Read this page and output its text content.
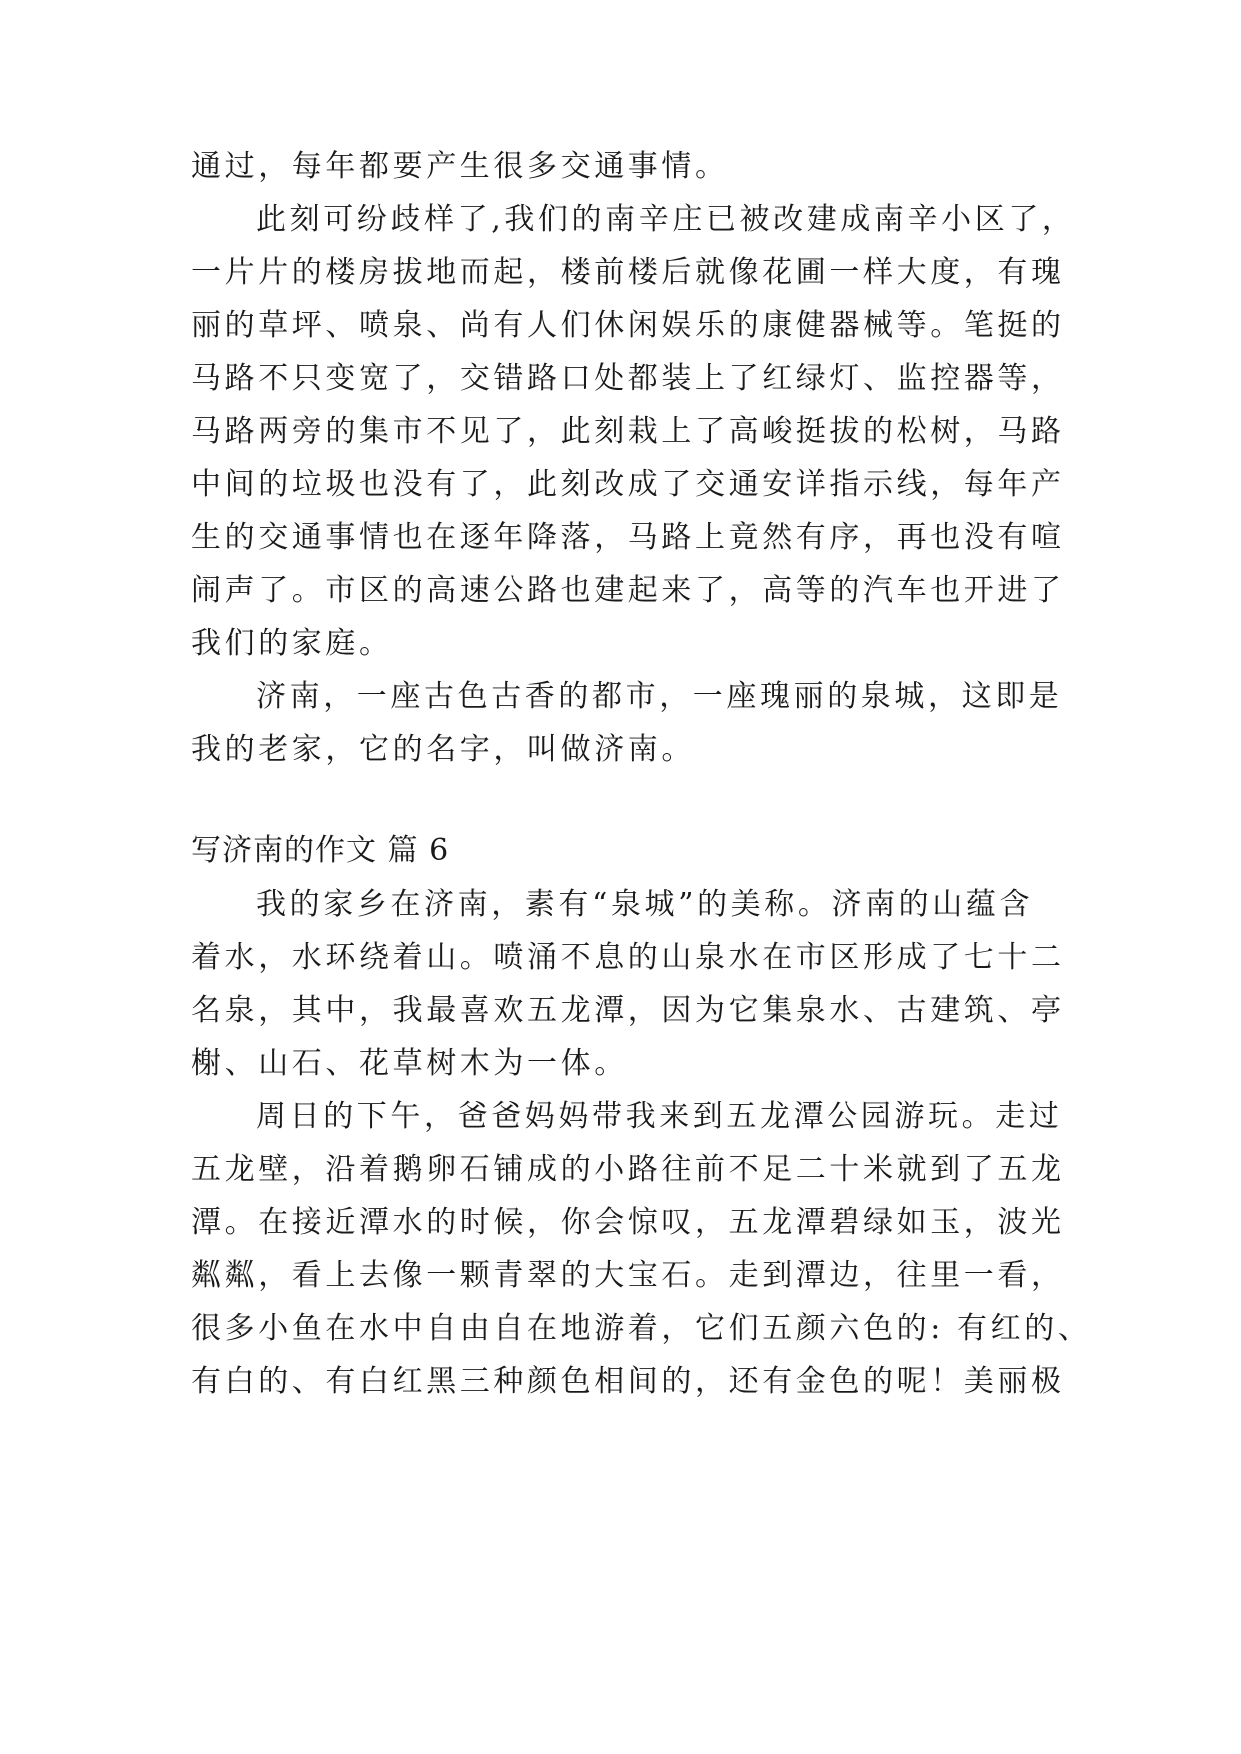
通过，每年都要产生很多交通事情。
此刻可纷歧样了,我们的南辛庄已被改建成南辛小区了，
一片片的楼房拔地而起，楼前楼后就像花圃一样大度，有瑰
丽的草坪、喷泉、尚有人们休闲娱乐的康健器械等。笔挺的
马路不只变宽了，交错路口处都装上了红绿灯、监控器等，
马路两旁的集市不见了，此刻栽上了高峻挺拔的松树，马路
中间的垃圾也没有了，此刻改成了交通安详指示线，每年产
生的交通事情也在逐年降落，马路上竟然有序，再也没有喧
闹声了。市区的高速公路也建起来了，高等的汽车也开进了
我们的家庭。
济南，一座古色古香的都市，一座瑰丽的泉城，这即是
我的老家，它的名字，叫做济南。
写济南的作文 篇 6
我的家乡在济南，素有“泉城”的美称。济南的山蕴含
着水，水环绕着山。喷涌不息的山泉水在市区形成了七十二
名泉，其中，我最喜欢五龙潭，因为它集泉水、古建筑、亭
榭、山石、花草树木为一体。
周日的下午，爸爸妈妈带我来到五龙潭公园游玩。走过
五龙壁，沿着鹅卵石铺成的小路往前不足二十米就到了五龙
潭。在接近潭水的时候，你会惊叹，五龙潭碧绿如玉，波光
粼粼，看上去像一颗青翠的大宝石。走到潭边，往里一看，
很多小鱼在水中自由自在地游着，它们五颜六色的: 有红的、
有白的、有白红黑三种颜色相间的，还有金色的呢！美丽极
